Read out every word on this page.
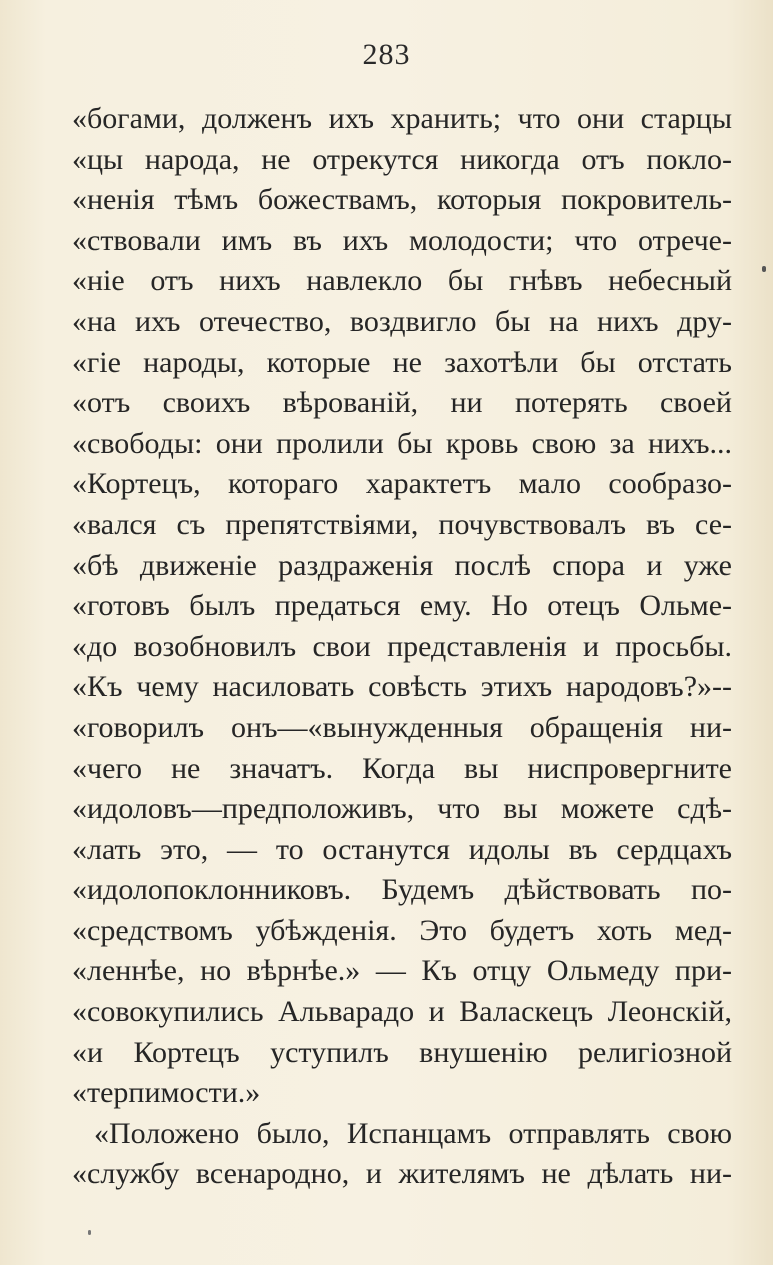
283
«богами, долженъ ихъ хранить; что они старцы
«цы народа, не отрекутся никогда отъ покло-
«ненія тѣмъ божествамъ, которыя покровитель-
«ствовали имъ въ ихъ молодости; что отрече-
«ніе отъ нихъ навлекло бы гнѣвъ небесный
«на ихъ отечество, воздвигло бы на нихъ дру-
«гіе народы, которые не захотѣли бы отстать
«отъ своихъ вѣрованій, ни потерять своей
«свободы: они пролили бы кровь свою за нихъ...
«Кортецъ, котораго характетъ мало сообразо-
«вался съ препятствіями, почувствовалъ въ се-
«бѣ движеніе раздраженія послѣ спора и уже
«готовъ былъ предаться ему. Но отецъ Ольме-
«до возобновилъ свои представленія и просьбы.
«Къ чему насиловать совѣсть этихъ народовъ?»--
«говорилъ онъ—«вынужденныя обращенія ни-
«чего не значатъ. Когда вы ниспровергните
«идоловъ—предположивъ, что вы можете сдѣ-
«лать это, — то останутся идолы въ сердцахъ
«идолопоклонниковъ. Будемъ дѣйствовать по-
«средствомъ убѣжденія. Это будетъ хоть мед-
«леннѣе, но вѣрнѣе.» — Къ отцу Ольмеду при-
«совокупились Альварадо и Валаскецъ Леонскій,
«и Кортецъ уступилъ внушенію религіозной
«терпимости.»
«Положено было, Испанцамъ отправлять свою
«службу всенародно, и жителямъ не дѣлать ни-
